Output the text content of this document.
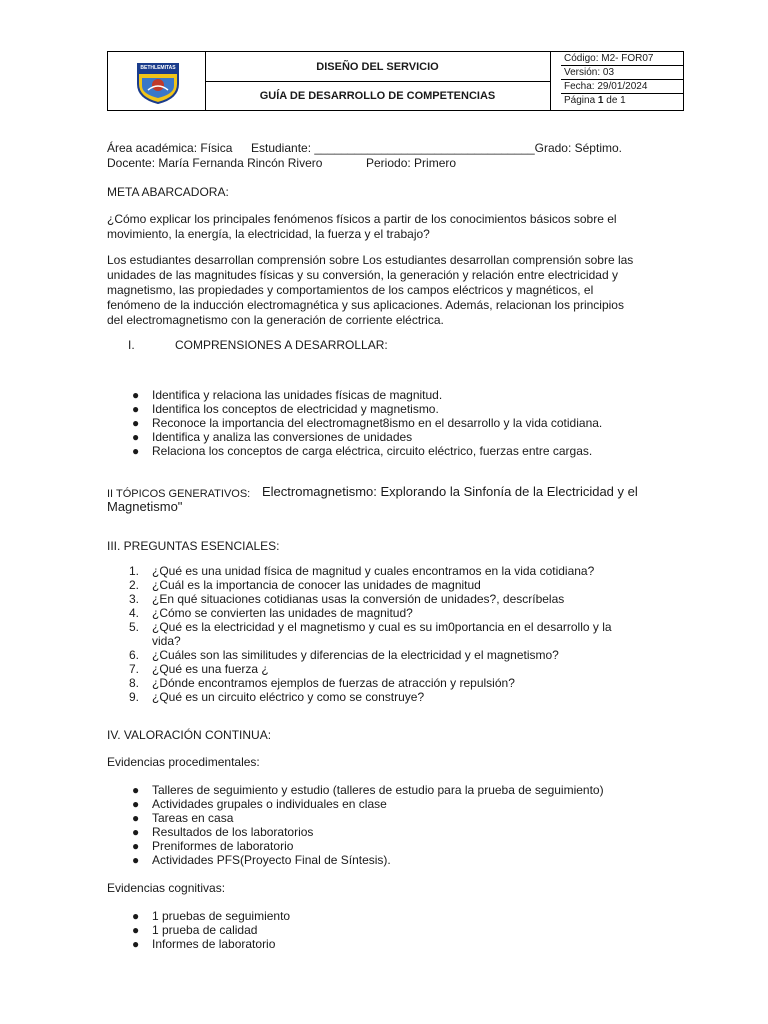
BETHLEMITAS	DISEÑO DEL SERVICIO
GUÍA DE DESARROLLO DE COMPETENCIAS
Código: M2- FOR07
Versión: 03
Fecha: 29/01/2024
Página 1 de 1
Área académica: Física Estudiante: _________________________________Grado: Séptimo.
Docente: María Fernanda Rincón Rivero	Periodo: Primero
META ABARCADORA:
¿Cómo explicar los principales fenómenos físicos a partir de los conocimientos básicos sobre el
movimiento, la energía, la electricidad, la fuerza y el trabajo?
Los estudiantes desarrollan comprensión sobre Los estudiantes desarrollan comprensión sobre las
unidades de las magnitudes físicas y su conversión, la generación y relación entre electricidad y
magnetismo, las propiedades y comportamientos de los campos eléctricos y magnéticos, el
fenómeno de la inducción electromagnética y sus aplicaciones. Además, relacionan los principios
del electromagnetismo con la generación de corriente eléctrica.
I.	COMPRENSIONES A DESARROLLAR:
● Identifica y relaciona las unidades físicas de magnitud.
● Identifica los conceptos de electricidad y magnetismo.
● Reconoce la importancia del electromagnet8ismo en el desarrollo y la vida cotidiana.
● Identifica y analiza las conversiones de unidades
● Relaciona los conceptos de carga eléctrica, circuito eléctrico, fuerzas entre cargas.
II TÓPICOS GENERATIVOS: Electromagnetismo: Explorando la Sinfonía de la Electricidad y el
Magnetismo"
III. PREGUNTAS ESENCIALES:
1. ¿Qué es una unidad física de magnitud y cuales encontramos en la vida cotidiana?
2. ¿Cuál es la importancia de conocer las unidades de magnitud
3. ¿En qué situaciones cotidianas usas la conversión de unidades?, descríbelas
4. ¿Cómo se convierten las unidades de magnitud?
5. ¿Qué es la electricidad y el magnetismo y cual es su im0portancia en el desarrollo y la
vida?
6. ¿Cuáles son las similitudes y diferencias de la electricidad y el magnetismo?
7. ¿Qué es una fuerza ¿
8. ¿Dónde encontramos ejemplos de fuerzas de atracción y repulsión?
9. ¿Qué es un circuito eléctrico y como se construye?
IV. VALORACIÓN CONTINUA:
Evidencias procedimentales:
● Talleres de seguimiento y estudio (talleres de estudio para la prueba de seguimiento)
● Actividades grupales o individuales en clase
● Tareas en casa
● Resultados de los laboratorios
● Preniformes de laboratorio
● Actividades PFS(Proyecto Final de Síntesis).
Evidencias cognitivas:
● 1 pruebas de seguimiento
● 1 prueba de calidad
● Informes de laboratorio
